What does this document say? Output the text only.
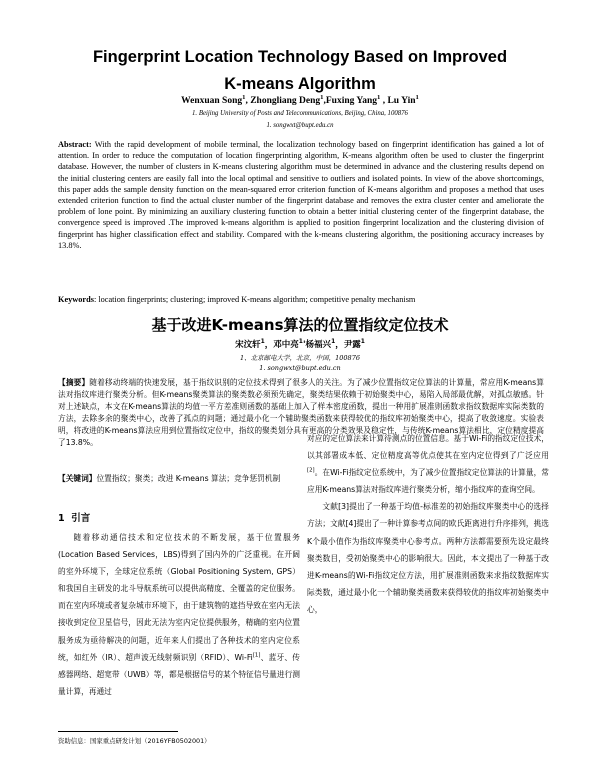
Fingerprint Location Technology Based on Improved
K-means Algorithm
Wenxuan Song$^1$, Zhongliang Deng$^1$,Fuxing Yang$^1$ , Lu Yin$^1$
1. Beijing University of Posts and Telecommunications, Beijing, China, 100876
1. songwxt@bupt.edu.cn
Abstract: With the rapid development of mobile terminal, the localization technology based on fingerprint identification has gained a lot of attention. In order to reduce the computation of location fingerprinting algorithm, K-means algorithm often be used to cluster the fingerprint database. However, the number of clusters in K-means clustering algorithm must be determined in advance and the clustering results depend on the initial clustering centers are easily fall into the local optimal and sensitive to outliers and isolated points. In view of the above shortcomings, this paper adds the sample density function on the mean-squared error criterion function of K-means algorithm and proposes a method that uses extended criterion function to find the actual cluster number of the fingerprint database and removes the extra cluster center and ameliorate the problem of lone point. By minimizing an auxiliary clustering function to obtain a better initial clustering center of the fingerprint database, the convergence speed is improved .The improved k-means algorithm is applied to position fingerprint localization and the clustering division of fingerprint has higher classification effect and stability. Compared with the k-means clustering algorithm, the positioning accuracy increases by 13.8%.
Keywords: location fingerprints; clustering; improved K-means algorithm; competitive penalty mechanism
基于改进K-means算法的位置指纹定位技术
宋汶轩$^1$，邓中亮$^1$'杨福兴$^1$，尹露$^1$
1、北京邮电大学，北京，中国，100876
1. songwxt@bupt.edu.cn
【摘要】随着移动终端的快速发展，基于指纹识别的定位技术得到了很多人的关注。为了减少位置指纹定位算法的计算量，常应用K-means算法对指纹库进行聚类分析。但K-means聚类算法的聚类数必须预先确定，聚类结果依赖于初始聚类中心，易陷入局部最优解，对孤点敏感。针对上述缺点，本文在K-means算法的均值一平方差准则函数的基础上加入了样本密度函数，提出一种用扩展准则函数求指纹数据库实际类数的方法，去除多余的聚类中心，改善了孤点的问题；通过最小化一个辅助聚类函数来获得较优的指纹库初始聚类中心，提高了收敛速度。实验表明，将改进的K-means算法应用到位置指纹定位中，指纹的聚类划分具有更高的分类效果及稳定性，与传统K-means算法相比，定位精度提高了13.8%。
【关键词】位置指纹；聚类；改进 K-means 算法；竞争惩罚机制
1 引言

随着移动通信技术和定位技术的不断发展，基于位置服务(Location Based Services，LBS)得到了国内外的广泛重视。在开阔的室外环境下，全球定位系统（Global Positioning System, GPS）和我国自主研发的北斗导航系统可以提供高精度、全覆盖的定位服务。而在室内环境或者复杂城市环境下，由于建筑物的遮挡导致在室内无法接收到定位卫星信号，因此无法为室内定位提供服务，精确的室内位置服务成为亟待解决的问题，近年来人们提出了各种技术的室内定位系统，如红外（IR）、超声波无线射频识别（RFID）、Wi-Fi[1]、蓝牙、传感器网络、超宽带（UWB）等，都是根据信号的某个特征信号量进行测量计算，再通过

对应的定位算法来计算待测点的位置信息。基于Wi-Fi的指纹定位技术，以其部署成本低、定位精度高等优点使其在室内定位得到了广泛应用[2]。在Wi-Fi指纹定位系统中，为了减少位置指纹定位算法的计算量，常应用K-means算法对指纹库进行聚类分析，缩小指纹库的查询空间。

文献[3]提出了一种基于均值-标准差的初始指纹库聚类中心的选择方法；文献[4]提出了一种计算参考点间的欧氏距离进行升序排列，挑选K个最小值作为指纹库聚类中心参考点。两种方法都需要预先设定最终聚类数目，受初始聚类中心的影响很大。因此，本文提出了一种基于改进K-means的Wi-Fi指纹定位方法，用扩展准则函数来求指纹数据库实际类数，通过最小化一个辅助聚类函数来获得较优的指纹库初始聚类中心，

资助信息：国家重点研发计划（2016YFB0502001）
